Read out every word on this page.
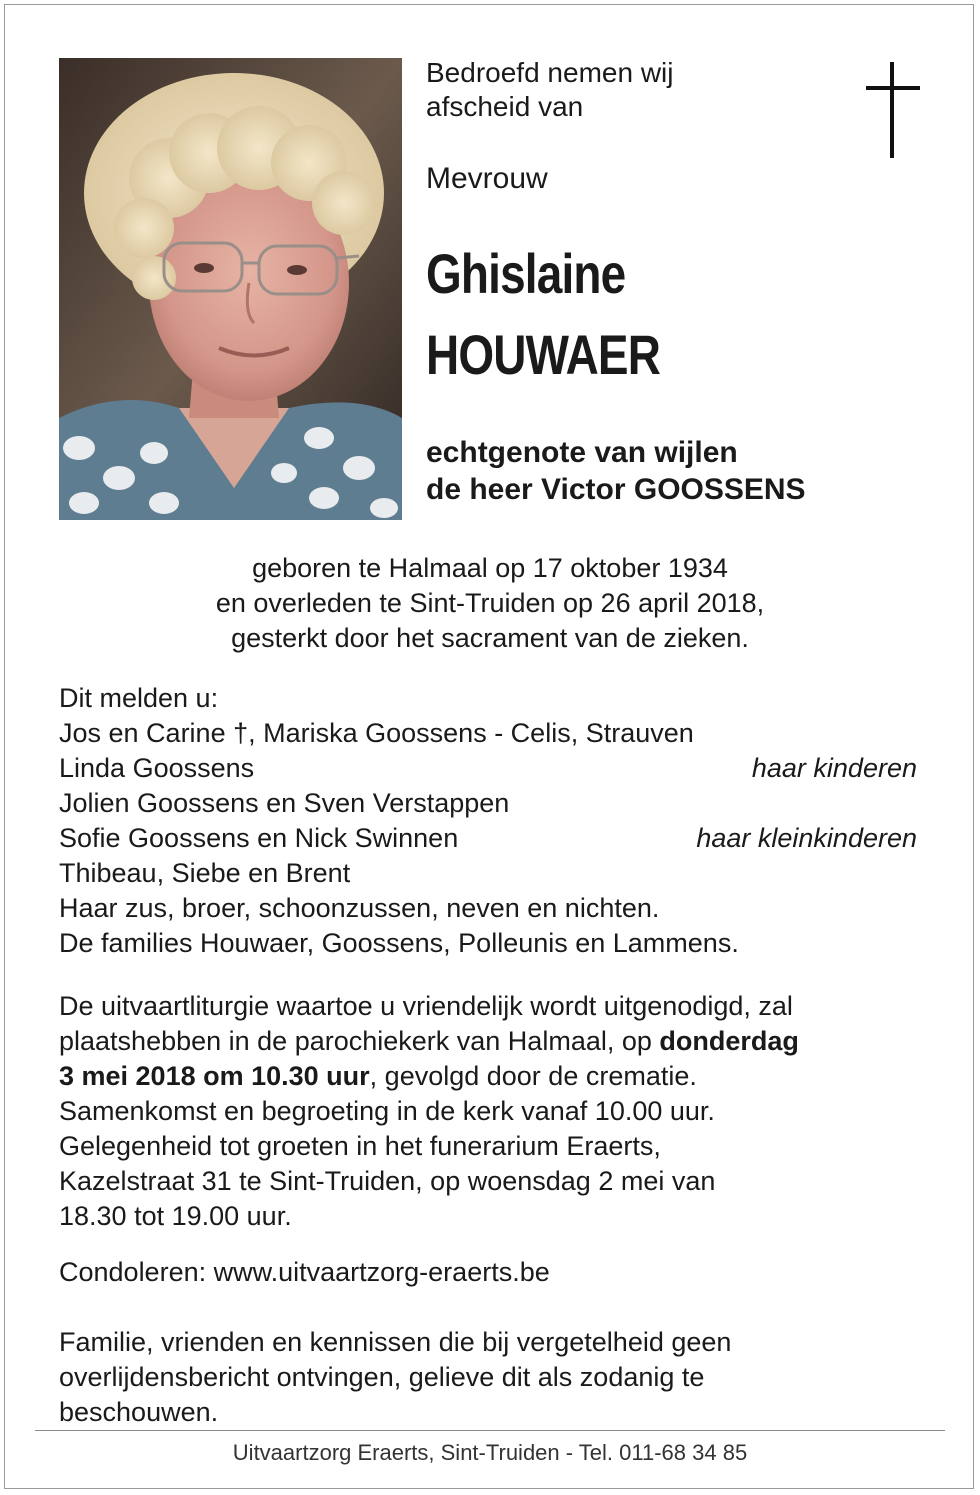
Bedroefd nemen wij
afscheid van
Mevrouw
Ghislaine
HOUWAER
echtgenote van wijlen
de heer Victor GOOSSENS
geboren te Halmaal op 17 oktober 1934
en overleden te Sint-Truiden op 26 april 2018,
gesterkt door het sacrament van de zieken.
Dit melden u:
Jos en Carine †, Mariska Goossens - Celis, Strauven
Linda Goossens	haar kinderen
Jolien Goossens en Sven Verstappen
Sofie Goossens en Nick Swinnen	haar kleinkinderen
Thibeau, Siebe en Brent
Haar zus, broer, schoonzussen, neven en nichten.
De families Houwaer, Goossens, Polleunis en Lammens.
De uitvaartliturgie waartoe u vriendelijk wordt uitgenodigd, zal
plaatshebben in de parochiekerk van Halmaal, op donderdag
3 mei 2018 om 10.30 uur, gevolgd door de crematie.
Samenkomst en begroeting in de kerk vanaf 10.00 uur.
Gelegenheid tot groeten in het funerarium Eraerts,
Kazelstraat 31 te Sint-Truiden, op woensdag 2 mei van
18.30 tot 19.00 uur.
Condoleren: www.uitvaartzorg-eraerts.be
Familie, vrienden en kennissen die bij vergetelheid geen
overlijdensbericht ontvingen, gelieve dit als zodanig te
beschouwen.
Uitvaartzorg Eraerts, Sint-Truiden - Tel. 011-68 34 85
